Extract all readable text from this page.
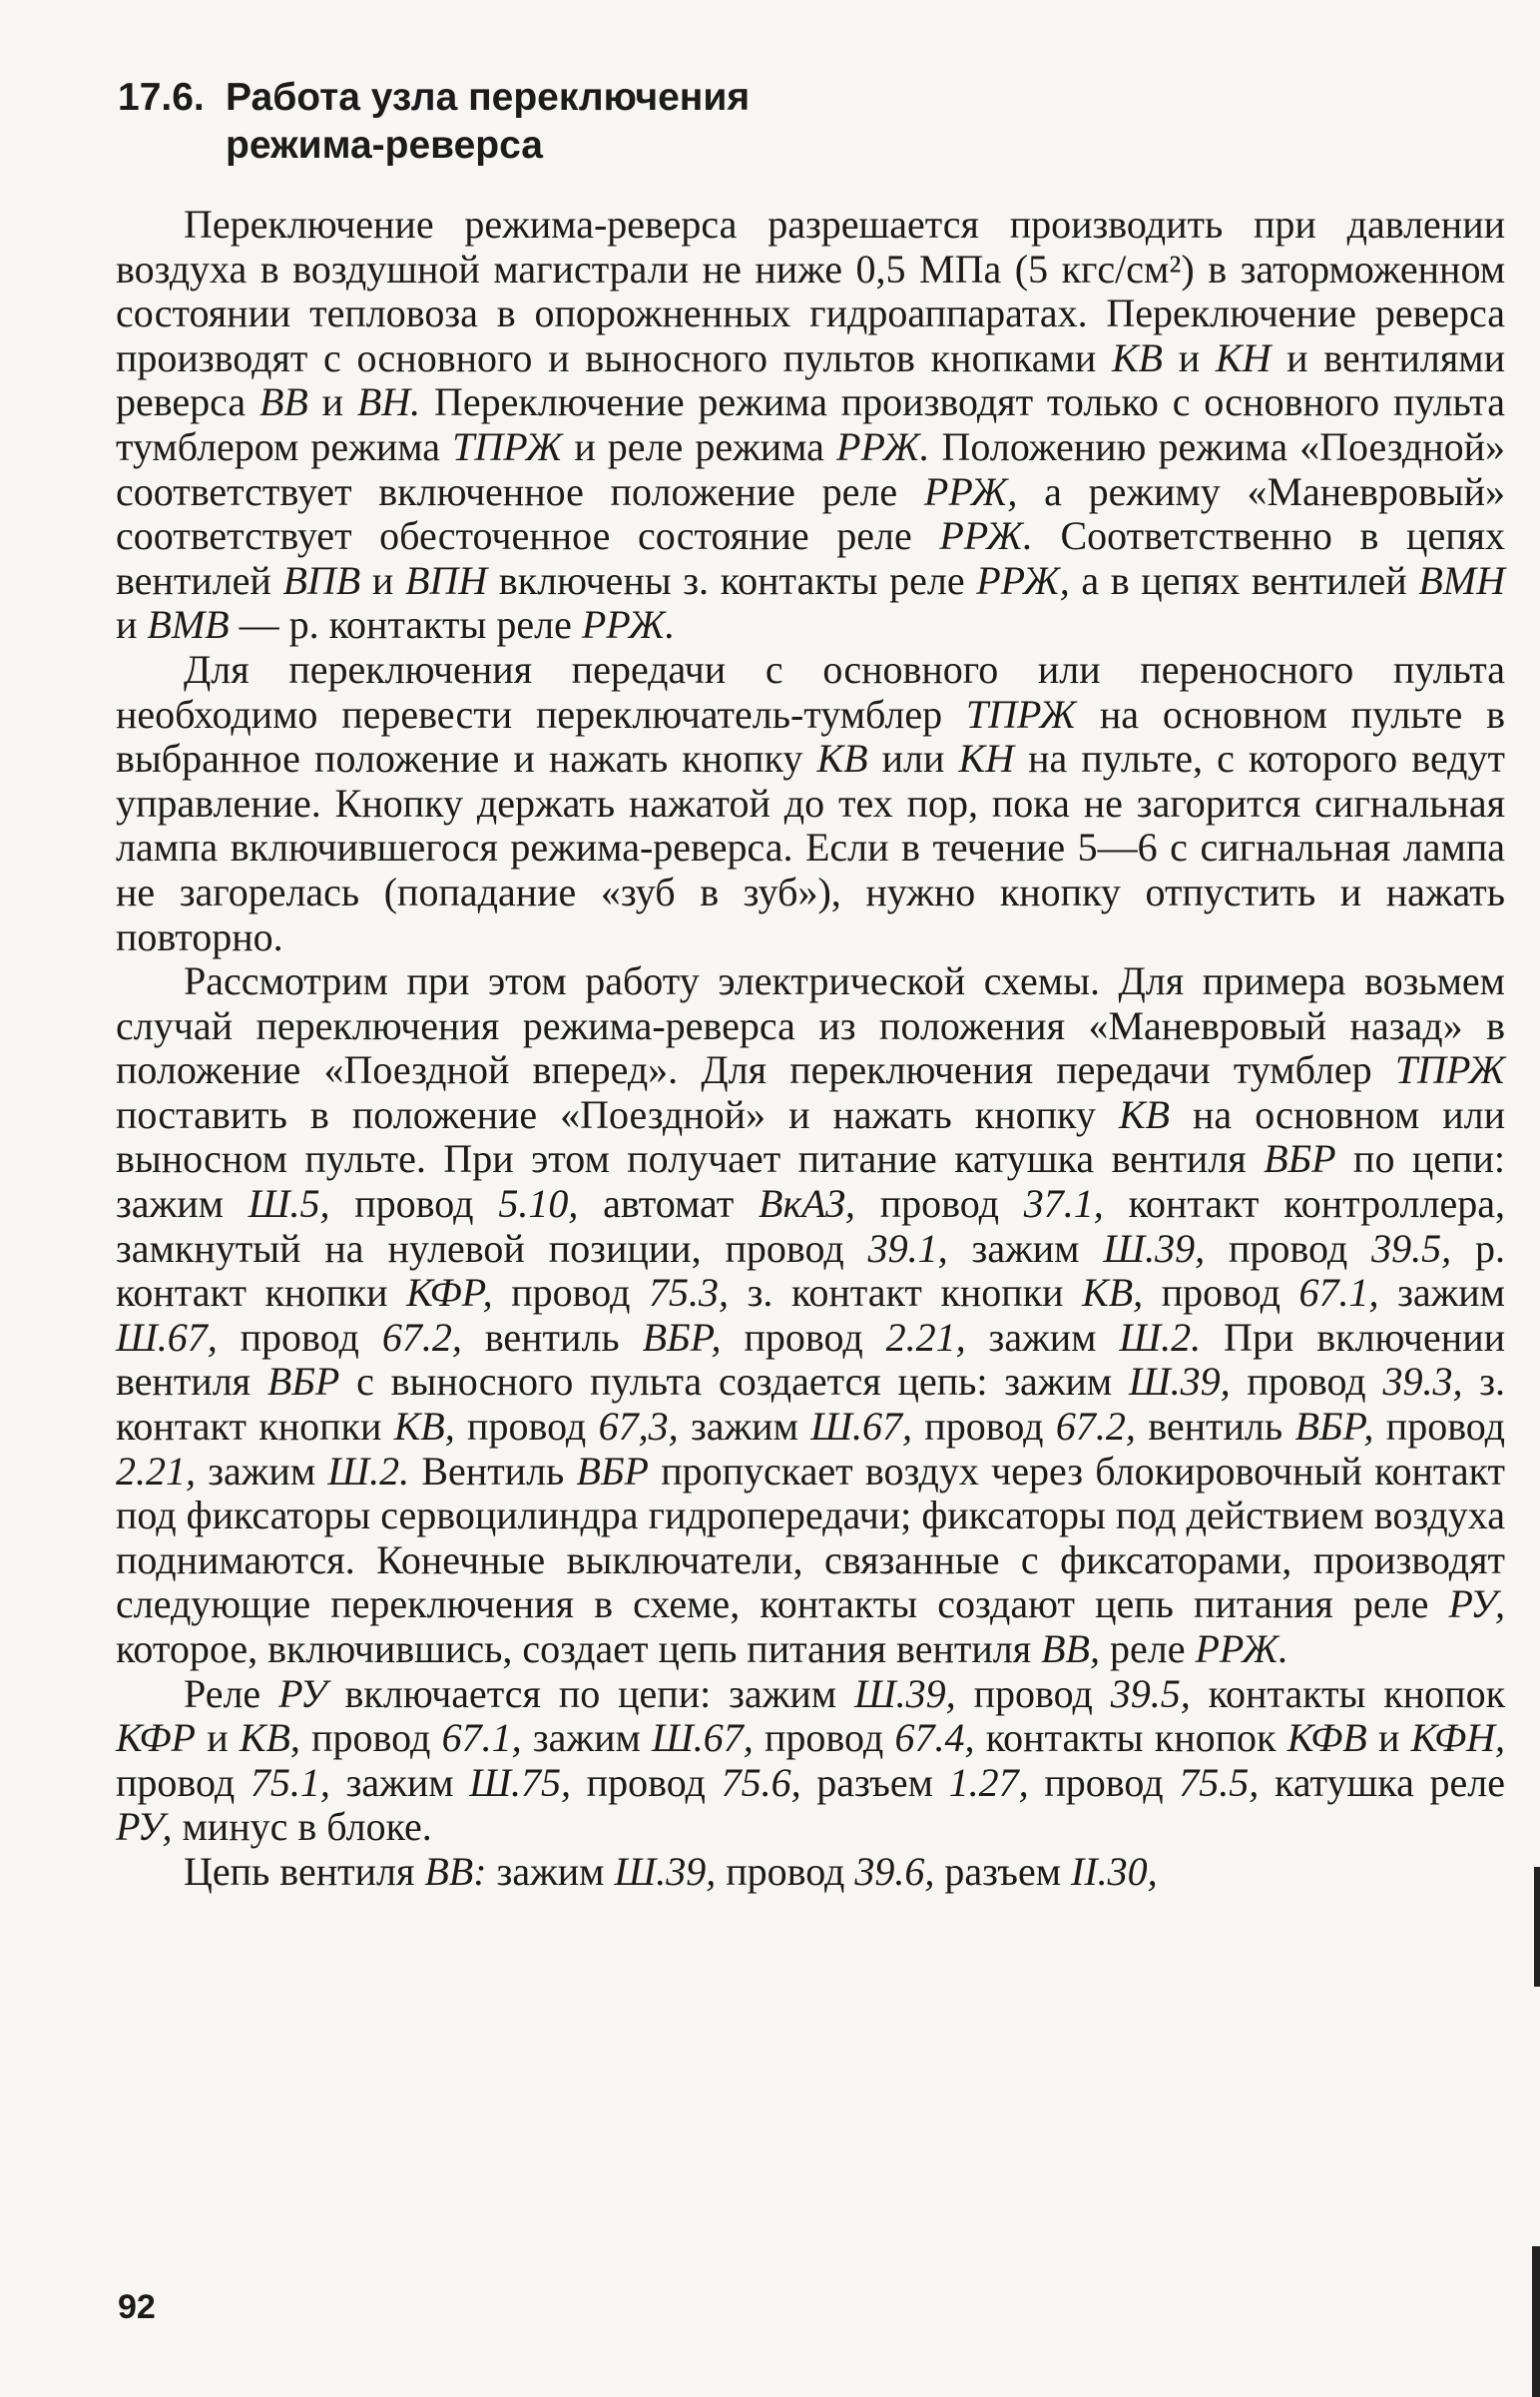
17.6. Работа узла переключения
режима-реверса

Переключение режима-реверса разрешается производить при давлении воздуха в воздушной магистрали не ниже 0,5 МПа (5 кгс/см²) в заторможенном состоянии тепловоза в опорожненных гидроаппаратах. Переключение реверса производят с основного и выносного пультов кнопками КВ и КН и вентилями реверса ВВ и ВН. Переключение режима производят только с основного пульта тумблером режима ТПРЖ и реле режима РРЖ. Положению режима «Поездной» соответствует включенное положение реле РРЖ, а режиму «Маневровый» соответствует обесточенное состояние реле РРЖ. Соответственно в цепях вентилей ВПВ и ВПН включены з. контакты реле РРЖ, а в цепях вентилей ВМН и ВМВ — р. контакты реле РРЖ.

Для переключения передачи с основного или переносного пульта необходимо перевести переключатель-тумблер ТПРЖ на основном пульте в выбранное положение и нажать кнопку КВ или КН на пульте, с которого ведут управление. Кнопку держать нажатой до тех пор, пока не загорится сигнальная лампа включившегося режима-реверса. Если в течение 5—6 с сигнальная лампа не загорелась (попадание «зуб в зуб»), нужно кнопку отпустить и нажать повторно.

Рассмотрим при этом работу электрической схемы. Для примера возьмем случай переключения режима-реверса из положения «Маневровый назад» в положение «Поездной вперед». Для переключения передачи тумблер ТПРЖ поставить в положение «Поездной» и нажать кнопку КВ на основном или выносном пульте. При этом получает питание катушка вентиля ВБР по цепи: зажим Ш.5, провод 5.10, автомат ВкАЗ, провод 37.1, контакт контроллера, замкнутый на нулевой позиции, провод 39.1, зажим Ш.39, провод 39.5, р. контакт кнопки КФР, провод 75.3, з. контакт кнопки КВ, провод 67.1, зажим Ш.67, провод 67.2, вентиль ВБР, провод 2.21, зажим Ш.2. При включении вентиля ВБР с выносного пульта создается цепь: зажим Ш.39, провод 39.3, з. контакт кнопки КВ, провод 67,3, зажим Ш.67, провод 67.2, вентиль ВБР, провод 2.21, зажим Ш.2. Вентиль ВБР пропускает воздух через блокировочный контакт под фиксаторы сервоцилиндра гидропередачи; фиксаторы под действием воздуха поднимаются. Конечные выключатели, связанные с фиксаторами, производят следующие переключения в схеме, контакты создают цепь питания реле РУ, которое, включившись, создает цепь питания вентиля ВВ, реле РРЖ.

Реле РУ включается по цепи: зажим Ш.39, провод 39.5, контакты кнопок КФР и КВ, провод 67.1, зажим Ш.67, провод 67.4, контакты кнопок КФВ и КФН, провод 75.1, зажим Ш.75, провод 75.6, разъем 1.27, провод 75.5, катушка реле РУ, минус в блоке.

Цепь вентиля ВВ: зажим Ш.39, провод 39.6, разъем II.30,

92
